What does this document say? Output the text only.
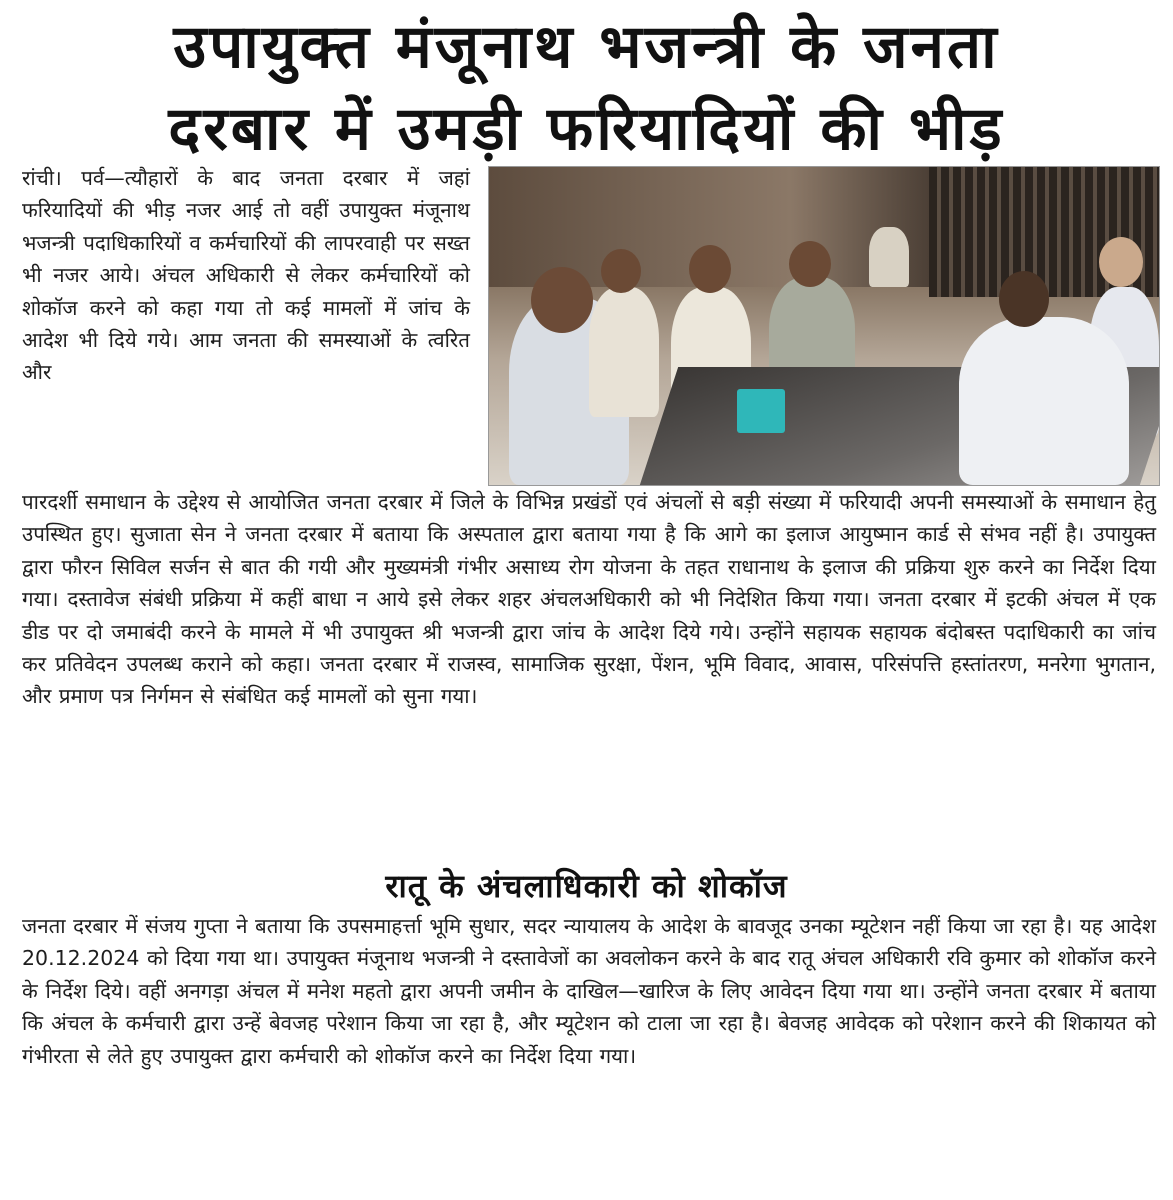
उपायुक्त मंजूनाथ भजन्त्री के जनता
दरबार में उमड़ी फरियादियों की भीड़
रांची। पर्व—त्यौहारों के बाद जनता दरबार में जहां फरियादियों की भीड़ नजर आई तो वहीं उपायुक्त मंजूनाथ भजन्त्री पदाधिकारियों व कर्मचारियों की लापरवाही पर सख्त भी नजर आये। अंचल अधिकारी से लेकर कर्मचारियों को शोकॉज करने को कहा गया तो कई मामलों में जांच के आदेश भी दिये गये। आम जनता की समस्याओं के त्वरित और
पारदर्शी समाधान के उद्देश्य से आयोजित जनता दरबार में जिले के विभिन्न प्रखंडों एवं अंचलों से बड़ी संख्या में फरियादी अपनी समस्याओं के समाधान हेतु उपस्थित हुए। सुजाता सेन ने जनता दरबार में बताया कि अस्पताल द्वारा बताया गया है कि आगे का इलाज आयुष्मान कार्ड से संभव नहीं है। उपायुक्त द्वारा फौरन सिविल सर्जन से बात की गयी और मुख्यमंत्री गंभीर असाध्य रोग योजना के तहत राधानाथ के इलाज की प्रक्रिया शुरु करने का निर्देश दिया गया। दस्तावेज संबंधी प्रक्रिया में कहीं बाधा न आये इसे लेकर शहर अंचलअधिकारी को भी निदेशित किया गया। जनता दरबार में इटकी अंचल में एक डीड पर दो जमाबंदी करने के मामले में भी उपायुक्त श्री भजन्त्री द्वारा जांच के आदेश दिये गये। उन्होंने सहायक सहायक बंदोबस्त पदाधिकारी का जांच कर प्रतिवेदन उपलब्ध कराने को कहा। जनता दरबार में राजस्व, सामाजिक सुरक्षा, पेंशन, भूमि विवाद, आवास, परिसंपत्ति हस्तांतरण, मनरेगा भुगतान, और प्रमाण पत्र निर्गमन से संबंधित कई मामलों को सुना गया।
रातू के अंचलाधिकारी को शोकॉज
जनता दरबार में संजय गुप्ता ने बताया कि उपसमाहर्त्ता भूमि सुधार, सदर न्यायालय के आदेश के बावजूद उनका म्यूटेशन नहीं किया जा रहा है। यह आदेश 20.12.2024 को दिया गया था। उपायुक्त मंजूनाथ भजन्त्री ने दस्तावेजों का अवलोकन करने के बाद रातू अंचल अधिकारी रवि कुमार को शोकॉज करने के निर्देश दिये। वहीं अनगड़ा अंचल में मनेश महतो द्वारा अपनी जमीन के दाखिल—खारिज के लिए आवेदन दिया गया था। उन्होंने जनता दरबार में बताया कि अंचल के कर्मचारी द्वारा उन्हें बेवजह परेशान किया जा रहा है, और म्यूटेशन को टाला जा रहा है। बेवजह आवेदक को परेशान करने की शिकायत को गंभीरता से लेते हुए उपायुक्त द्वारा कर्मचारी को शोकॉज करने का निर्देश दिया गया।
